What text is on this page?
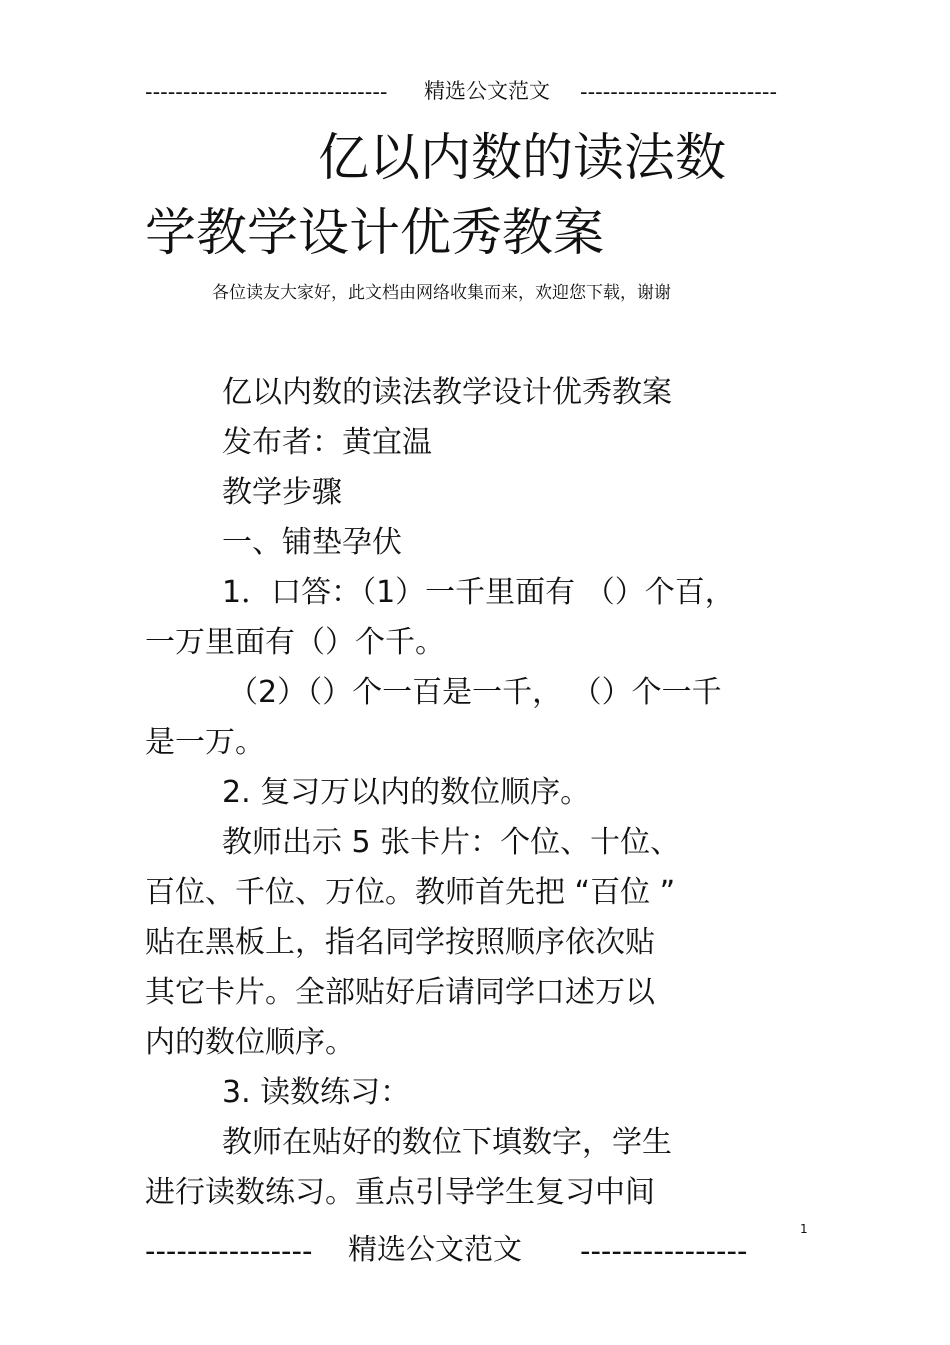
-------------------------------- 精选公文范文 --------------------------
亿以内数的读法数
学教学设计优秀教案
各位读友大家好，此文档由网络收集而来，欢迎您下载，谢谢
亿以内数的读法教学设计优秀教案
发布者：黄宜温
教学步骤
一、铺垫孕伏
1．口答：（1）一千里面有 （）个百，
一万里面有（）个千。
（2）（）个一百是一千， （）个一千
是一万。
2. 复习万以内的数位顺序。
教师出示 5 张卡片：个位、十位、
百位、千位、万位。教师首先把 “百位 ”
贴在黑板上，指名同学按照顺序依次贴
其它卡片。全部贴好后请同学口述万以
内的数位顺序。
3. 读数练习：
教师在贴好的数位下填数字，学生
进行读数练习。重点引导学生复习中间
1
---------------- 精选公文范文 ----------------
